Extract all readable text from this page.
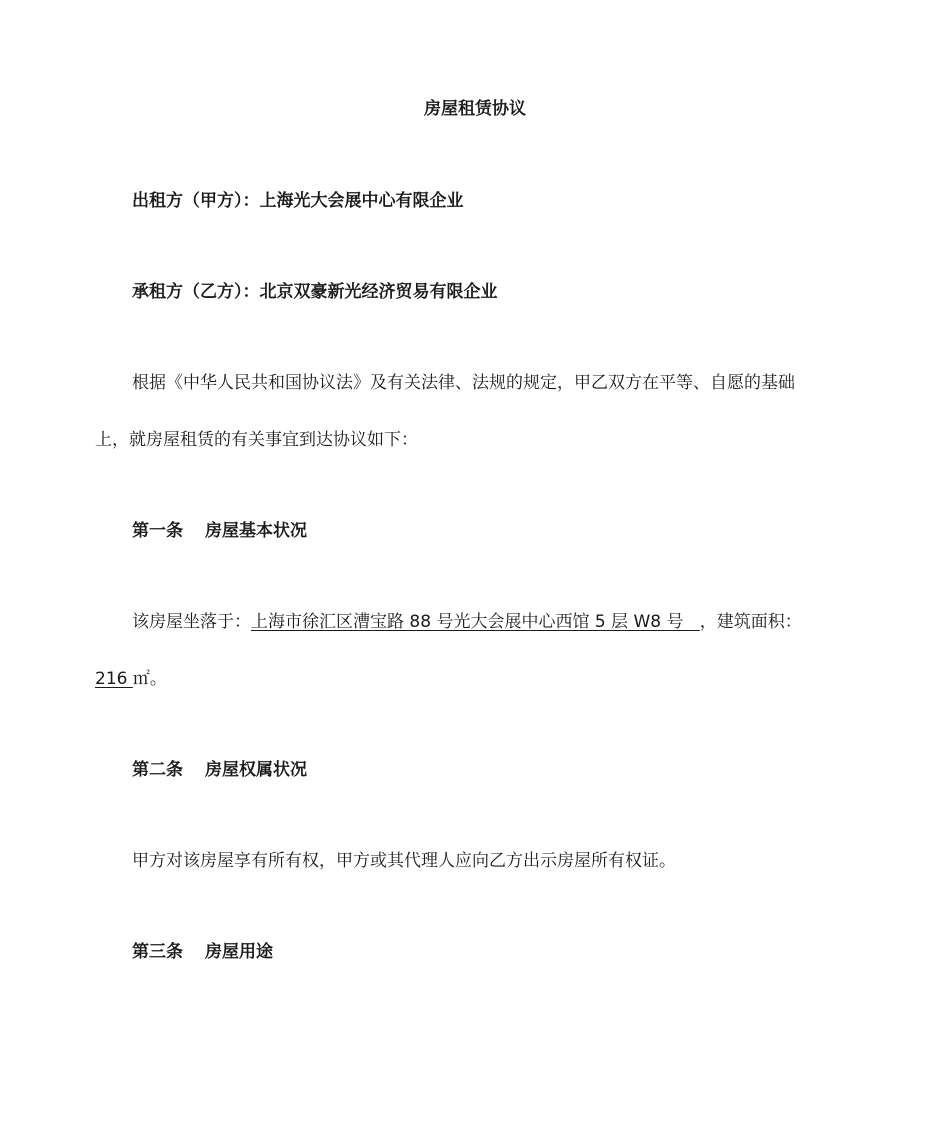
房屋租赁协议
出租方（甲方）：上海光大会展中心有限企业
承租方（乙方）：北京双豪新光经济贸易有限企业
根据《中华人民共和国协议法》及有关法律、法规的规定，甲乙双方在平等、自愿的基础
上，就房屋租赁的有关事宜到达协议如下：
第一条 房屋基本状况
该房屋坐落于：上海市徐汇区漕宝路 88 号光大会展中心西馆 5 层 W8 号 ，建筑面积：
216 ㎡。
第二条 房屋权属状况
甲方对该房屋享有所有权，甲方或其代理人应向乙方出示房屋所有权证。
第三条 房屋用途
